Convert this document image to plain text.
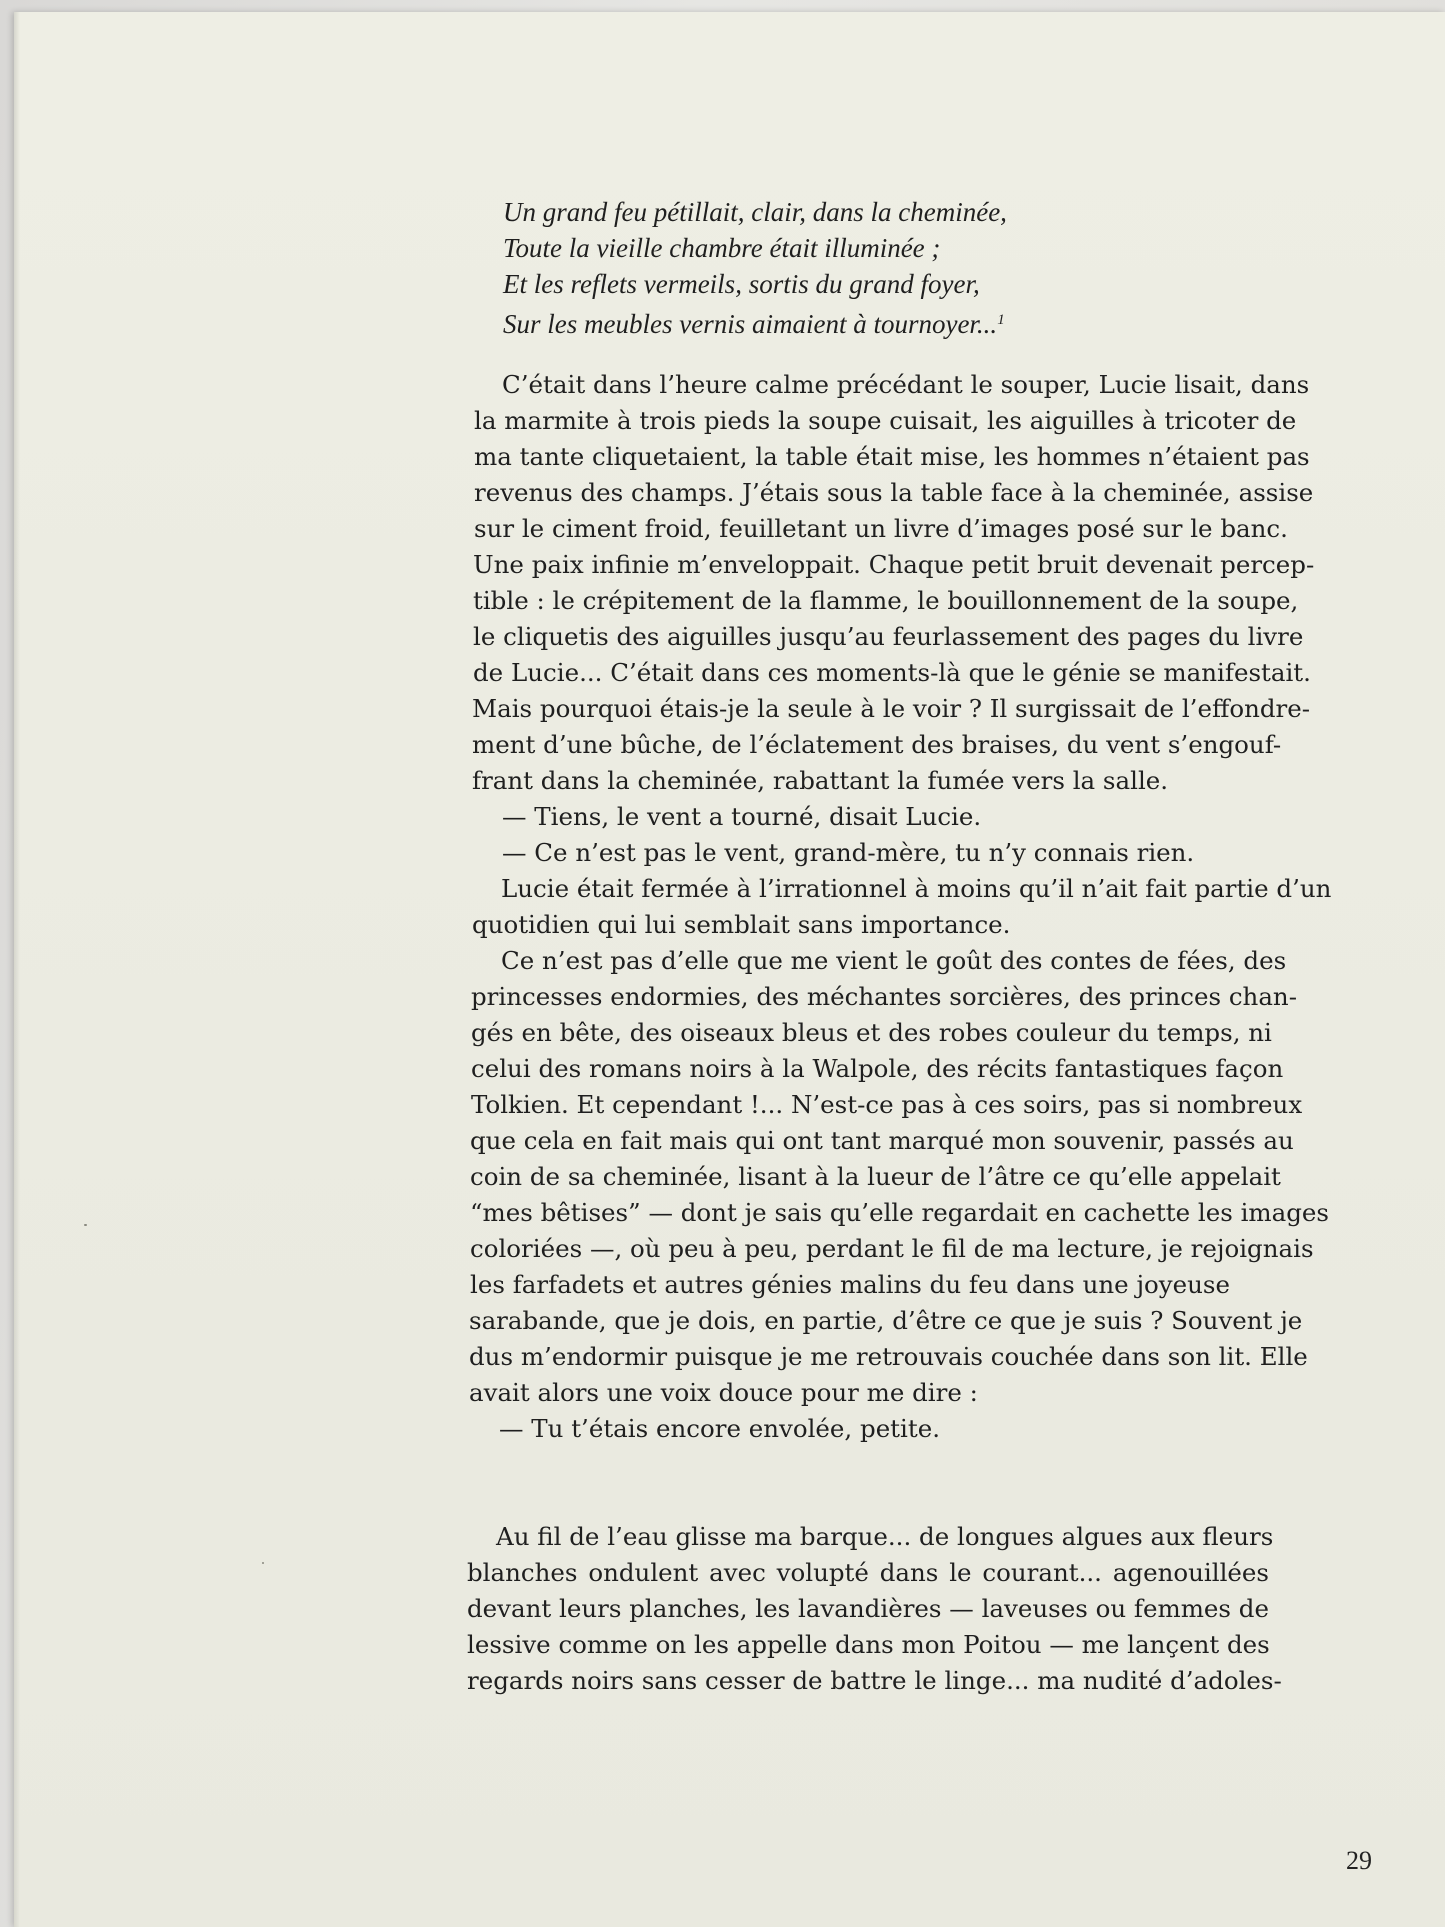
Un grand feu pétillait, clair, dans la cheminée,
Toute la vieille chambre était illuminée ;
Et les reflets vermeils, sortis du grand foyer,
Sur les meubles vernis aimaient à tournoyer...$^1$
C’était dans l’heure calme précédant le souper, Lucie lisait, dans
la marmite à trois pieds la soupe cuisait, les aiguilles à tricoter de
ma tante cliquetaient, la table était mise, les hommes n’étaient pas
revenus des champs. J’étais sous la table face à la cheminée, assise
sur le ciment froid, feuilletant un livre d’images posé sur le banc.
Une paix infinie m’enveloppait. Chaque petit bruit devenait percep-
tible : le crépitement de la flamme, le bouillonnement de la soupe,
le cliquetis des aiguilles jusqu’au feurlassement des pages du livre
de Lucie... C’était dans ces moments-là que le génie se manifestait.
Mais pourquoi étais-je la seule à le voir ? Il surgissait de l’effondre-
ment d’une bûche, de l’éclatement des braises, du vent s’engouf-
frant dans la cheminée, rabattant la fumée vers la salle.
— Tiens, le vent a tourné, disait Lucie.
— Ce n’est pas le vent, grand-mère, tu n’y connais rien.
Lucie était fermée à l’irrationnel à moins qu’il n’ait fait partie d’un
quotidien qui lui semblait sans importance.
Ce n’est pas d’elle que me vient le goût des contes de fées, des
princesses endormies, des méchantes sorcières, des princes chan-
gés en bête, des oiseaux bleus et des robes couleur du temps, ni
celui des romans noirs à la Walpole, des récits fantastiques façon
Tolkien. Et cependant !... N’est-ce pas à ces soirs, pas si nombreux
que cela en fait mais qui ont tant marqué mon souvenir, passés au
coin de sa cheminée, lisant à la lueur de l’âtre ce qu’elle appelait
“mes bêtises” — dont je sais qu’elle regardait en cachette les images
coloriées —, où peu à peu, perdant le fil de ma lecture, je rejoignais
les farfadets et autres génies malins du feu dans une joyeuse
sarabande, que je dois, en partie, d’être ce que je suis ? Souvent je
dus m’endormir puisque je me retrouvais couchée dans son lit. Elle
avait alors une voix douce pour me dire :
— Tu t’étais encore envolée, petite.
Au fil de l’eau glisse ma barque... de longues algues aux fleurs
blanches ondulent avec volupté dans le courant... agenouillées
devant leurs planches, les lavandières — laveuses ou femmes de
lessive comme on les appelle dans mon Poitou — me lançent des
regards noirs sans cesser de battre le linge... ma nudité d’adoles-
29
